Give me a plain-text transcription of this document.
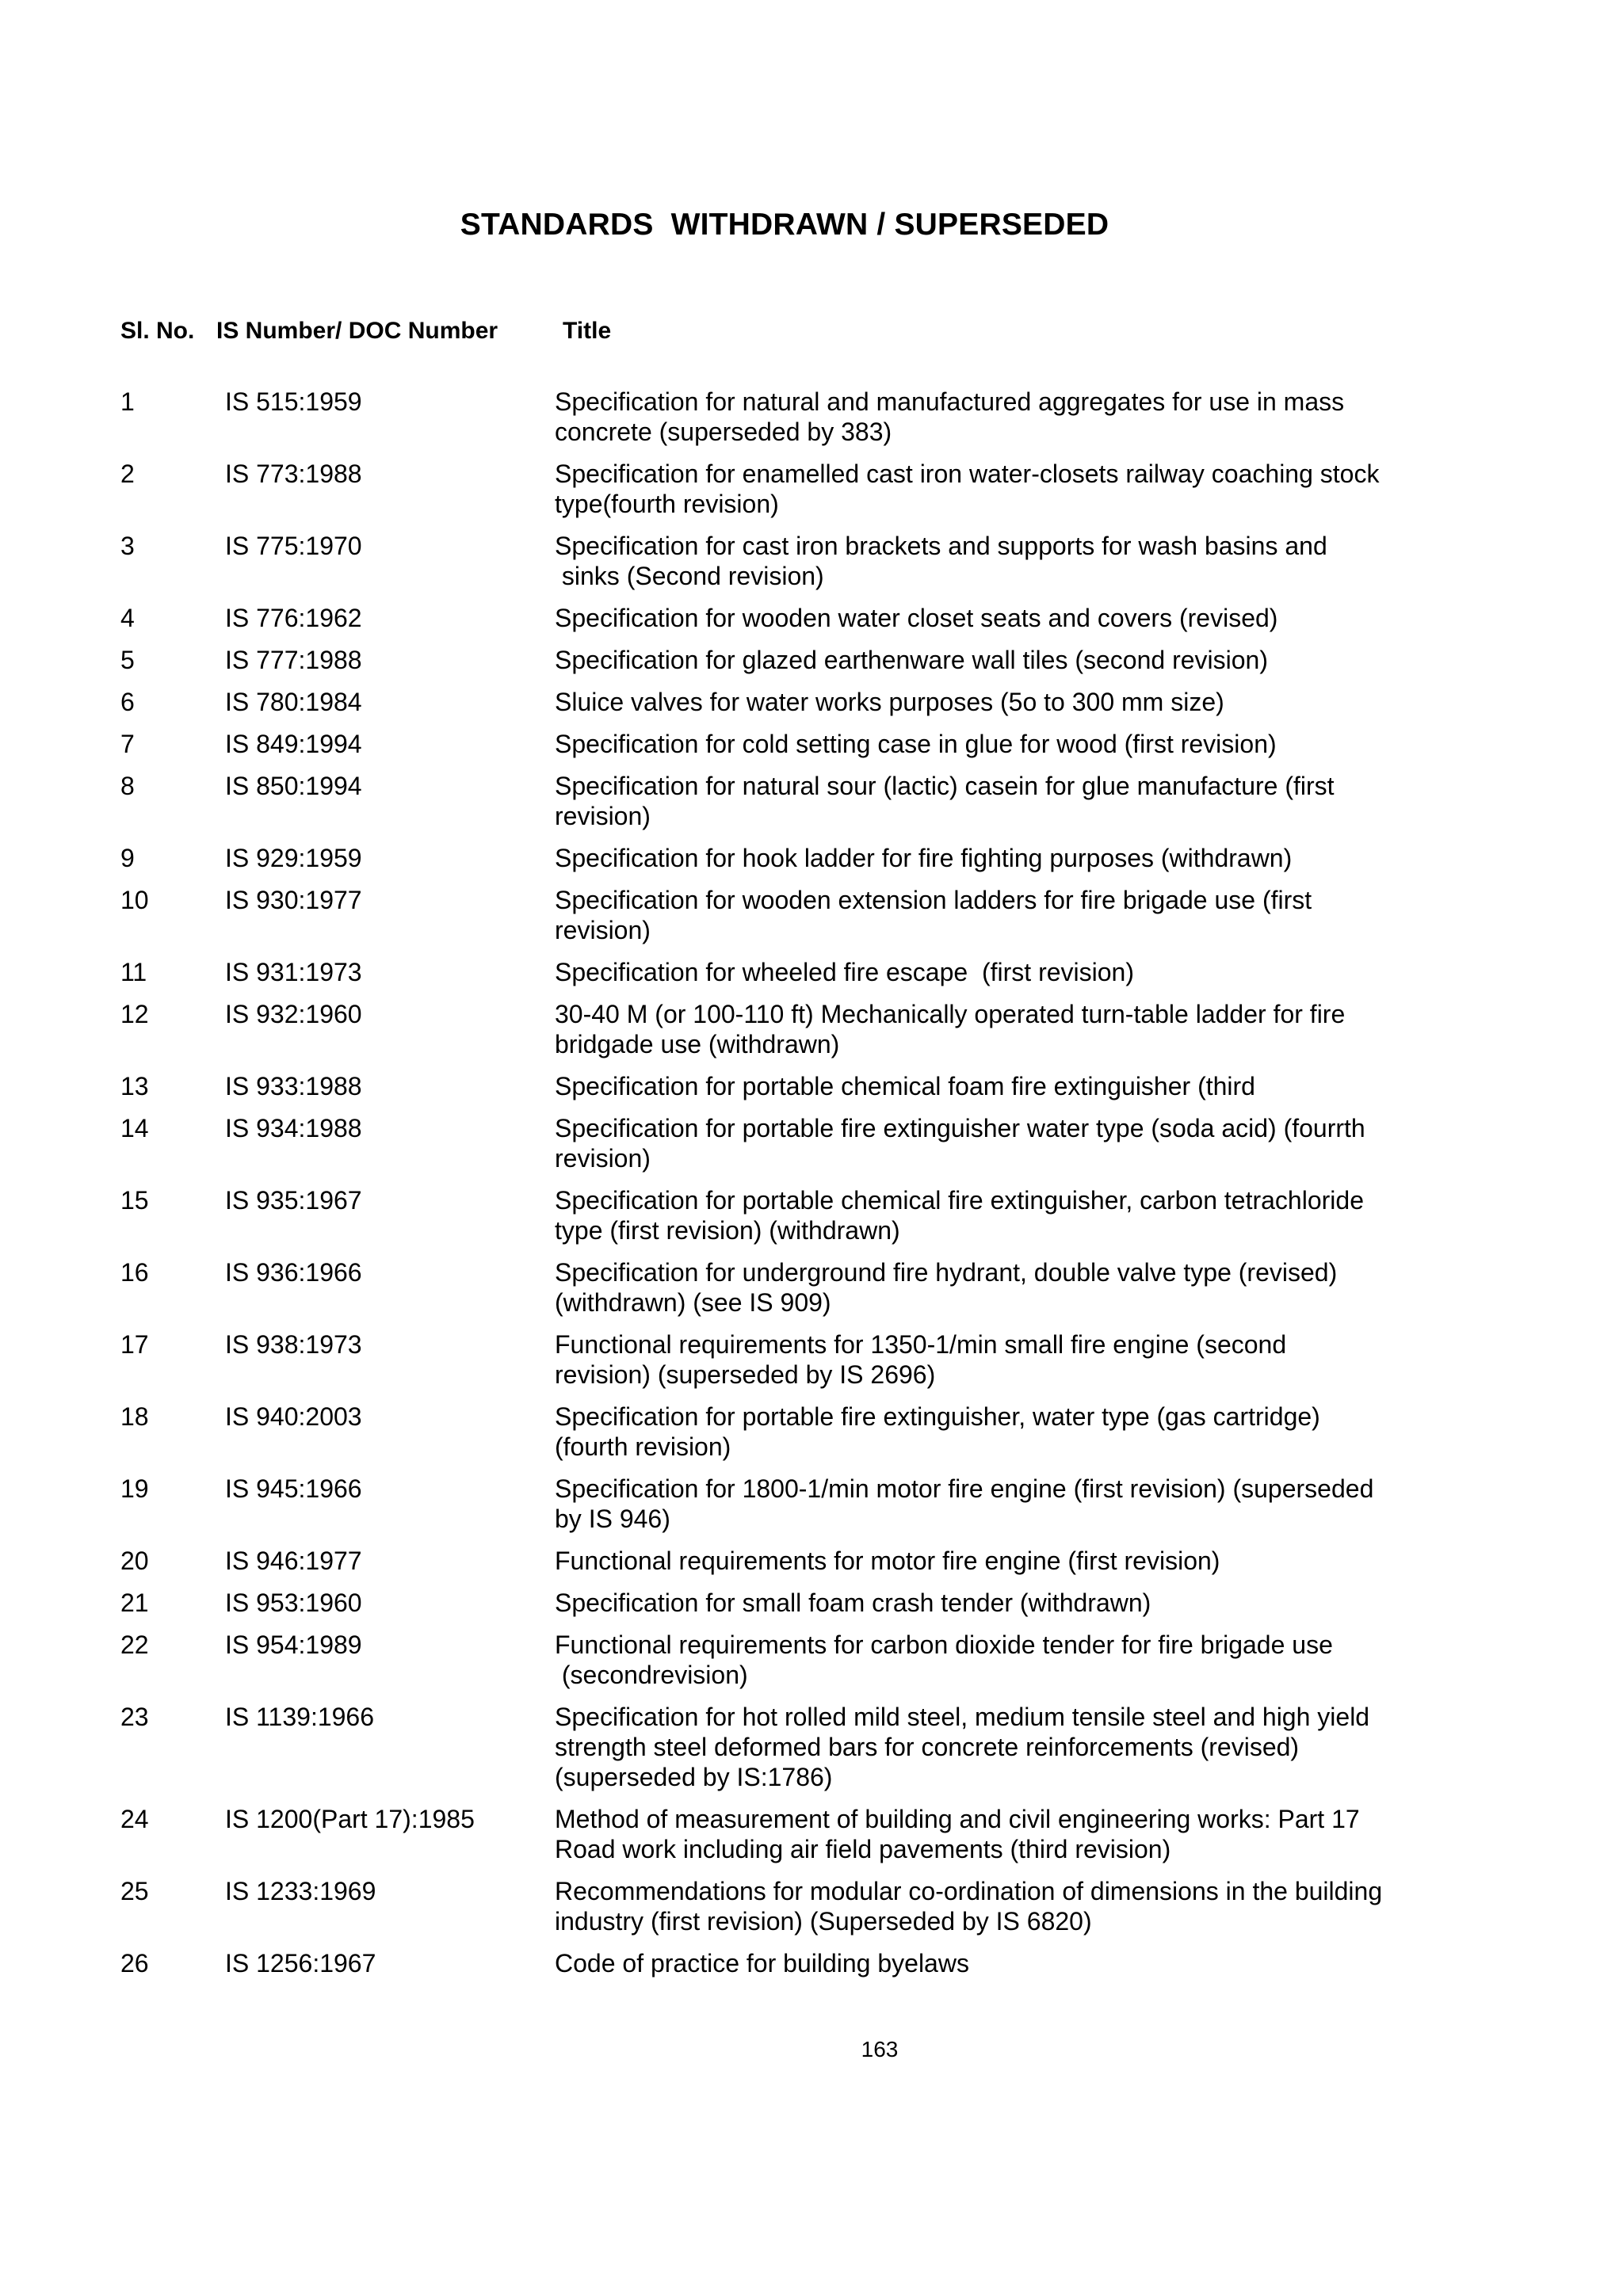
STANDARDS  WITHDRAWN / SUPERSEDED
Sl. No. IS Number/ DOC Number	Title
1	IS 515:1959	Specification for natural and manufactured aggregates for use in mass concrete (superseded by 383)
2	IS 773:1988	Specification for enamelled cast iron water-closets railway coaching stock type(fourth revision)
3	IS 775:1970	Specification for cast iron brackets and supports for wash basins and
sinks (Second revision)
4	IS 776:1962	Specification for wooden water closet seats and covers (revised)
5	IS 777:1988	Specification for glazed earthenware wall tiles (second revision)
6	IS 780:1984	Sluice valves for water works purposes (5o to 300 mm size)
7	IS 849:1994	Specification for cold setting case in glue for wood (first revision)
8	IS 850:1994	Specification for natural sour (lactic) casein for glue manufacture (first revision)
9	IS 929:1959	Specification for hook ladder for fire fighting purposes (withdrawn)
10	IS 930:1977	Specification for wooden extension ladders for fire brigade use (first revision)
11	IS 931:1973	Specification for wheeled fire escape  (first revision)
12	IS 932:1960	30-40 M (or 100-110 ft) Mechanically operated turn-table ladder for fire bridgade use (withdrawn)
13	IS 933:1988	Specification for portable chemical foam fire extinguisher (third
14	IS 934:1988	Specification for portable fire extinguisher water type (soda acid) (fourrth revision)
15	IS 935:1967	Specification for portable chemical fire extinguisher, carbon tetrachloride type (first revision) (withdrawn)
16	IS 936:1966	Specification for underground fire hydrant, double valve type (revised) (withdrawn) (see IS 909)
17	IS 938:1973	Functional requirements for 1350-1/min small fire engine (second revision) (superseded by IS 2696)
18	IS 940:2003	Specification for portable fire extinguisher, water type (gas cartridge) (fourth revision)
19	IS 945:1966	Specification for 1800-1/min motor fire engine (first revision) (superseded by IS 946)
20	IS 946:1977	Functional requirements for motor fire engine (first revision)
21	IS 953:1960	Specification for small foam crash tender (withdrawn)
22	IS 954:1989	Functional requirements for carbon dioxide tender for fire brigade use
(secondrevision)
23	IS 1139:1966	Specification for hot rolled mild steel, medium tensile steel and high yield strength steel deformed bars for concrete reinforcements (revised)(superseded by IS:1786)
24	IS 1200(Part 17):1985	Method of measurement of building and civil engineering works: Part 17 Road work including air field pavements (third revision)
25	IS 1233:1969	Recommendations for modular co-ordination of dimensions in the building industry (first revision) (Superseded by IS 6820)
26	IS 1256:1967	Code of practice for building byelaws
163
